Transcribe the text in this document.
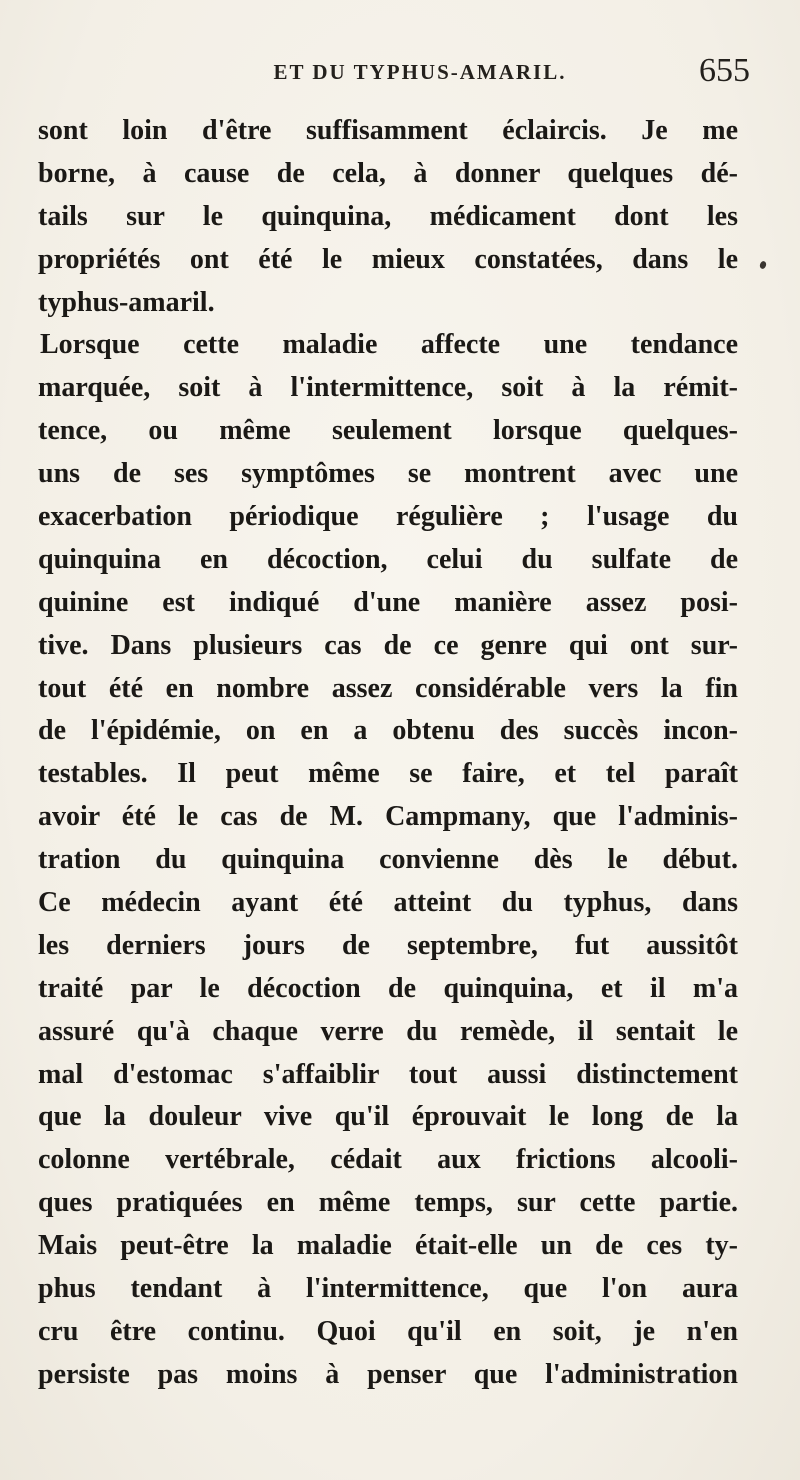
ET DU TYPHUS-AMARIL.	655
sont loin d'être suffisamment éclaircis. Je me
borne, à cause de cela, à donner quelques dé-
tails sur le quinquina, médicament dont les
propriétés ont été le mieux constatées, dans le
typhus-amaril.
Lorsque cette maladie affecte une tendance
marquée, soit à l'intermittence, soit à la rémit-
tence, ou même seulement lorsque quelques-
uns de ses symptômes se montrent avec une
exacerbation périodique régulière ; l'usage du
quinquina en décoction, celui du sulfate de
quinine est indiqué d'une manière assez posi-
tive. Dans plusieurs cas de ce genre qui ont sur-
tout été en nombre assez considérable vers la fin
de l'épidémie, on en a obtenu des succès incon-
testables. Il peut même se faire, et tel paraît
avoir été le cas de M. Campmany, que l'adminis-
tration du quinquina convienne dès le début.
Ce médecin ayant été atteint du typhus, dans
les derniers jours de septembre, fut aussitôt
traité par le décoction de quinquina, et il m'a
assuré qu'à chaque verre du remède, il sentait le
mal d'estomac s'affaiblir tout aussi distinctement
que la douleur vive qu'il éprouvait le long de la
colonne vertébrale, cédait aux frictions alcooli-
ques pratiquées en même temps, sur cette partie.
Mais peut-être la maladie était-elle un de ces ty-
phus tendant à l'intermittence, que l'on aura
cru être continu. Quoi qu'il en soit, je n'en
persiste pas moins à penser que l'administration
